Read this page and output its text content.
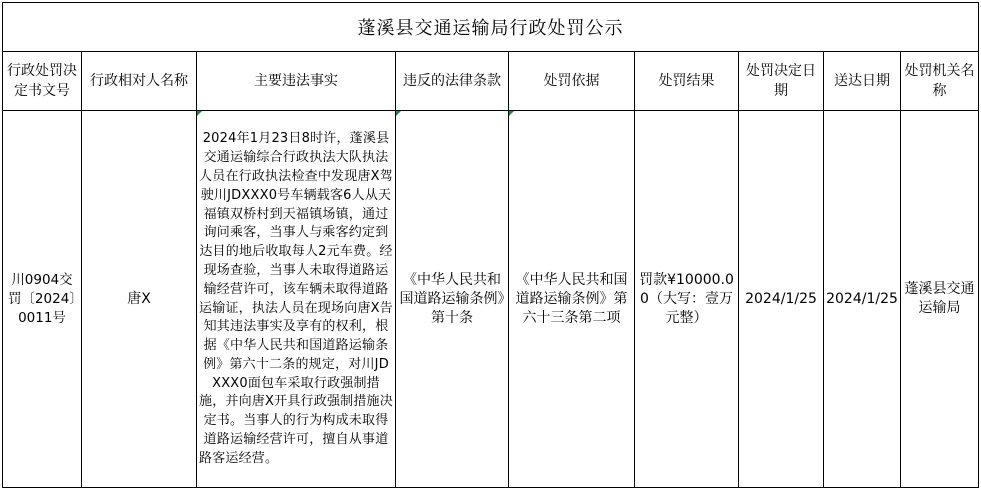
蓬溪县交通运输局行政处罚公示								
行政处罚决定书文号	行政相对人名称	主要违法事实	违反的法律条款	处罚依据	处罚结果	处罚决定日期	送达日期	处罚机关名称
川0904交罚〔2024〕0011号	唐X	2024年1月23日8时许，蓬溪县交通运输综合行政执法大队执法人员在行政执法检查中发现唐X驾驶川JDXXX0号车辆载客6人从天福镇双桥村到天福镇场镇，通过询问乘客，当事人与乘客约定到达目的地后收取每人2元车费。经现场查验，当事人未取得道路运输经营许可，该车辆未取得道路运输证，执法人员在现场向唐X告知其违法事实及享有的权利，根据《中华人民共和国道路运输条例》第六十二条的规定，对川JDXXX0面包车采取行政强制措施，并向唐X开具行政强制措施决定书。当事人的行为构成未取得道路运输经营许可，擅自从事道路客运经营。	《中华人民共和国道路运输条例》第十条	《中华人民共和国道路运输条例》第六十三条第二项	罚款¥10000.00（大写：壹万元整）	2024/1/25	2024/1/25	蓬溪县交通运输局
